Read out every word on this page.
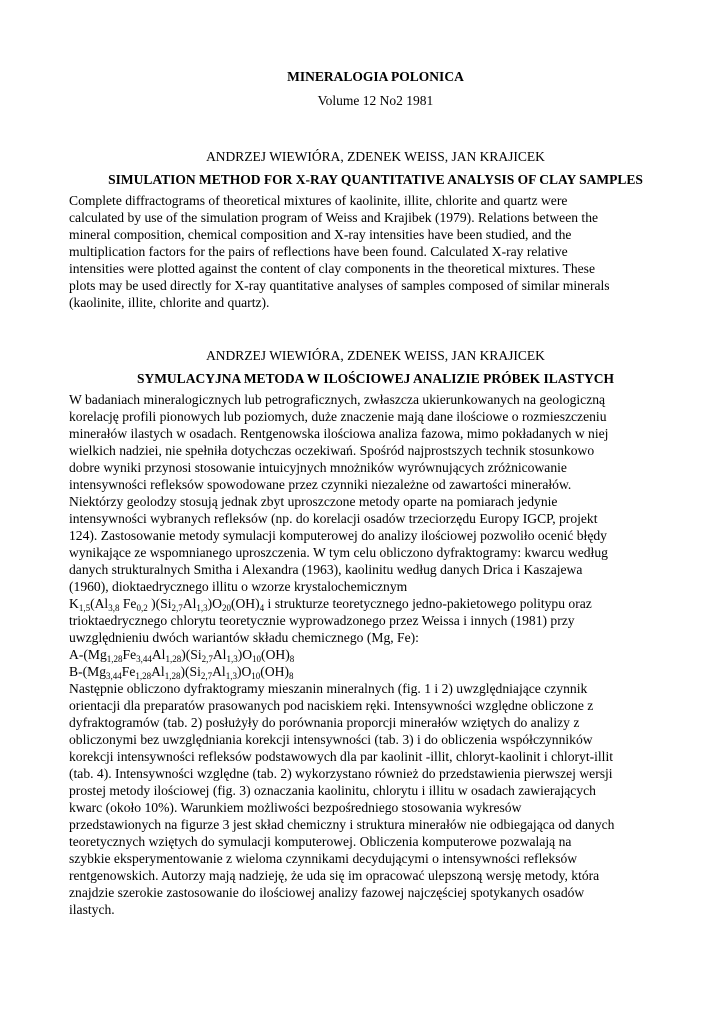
MINERALOGIA POLONICA
Volume 12 No2 1981
ANDRZEJ WIEWIÓRA, ZDENEK WEISS, JAN KRAJICEK
SIMULATION METHOD FOR X-RAY QUANTITATIVE ANALYSIS OF CLAY SAMPLES
Complete diffractograms of theoretical mixtures of kaolinite, illite, chlorite and quartz were
calculated by use of the simulation program of Weiss and Krajibek (1979). Relations between the
mineral composition, chemical composition and X-ray intensities have been studied, and the
multiplication factors for the pairs of reflections have been found. Calculated X-ray relative
intensities were plotted against the content of clay components in the theoretical mixtures. These
plots may be used directly for X-ray quantitative analyses of samples composed of similar minerals
(kaolinite, illite, chlorite and quartz).
ANDRZEJ WIEWIÓRA, ZDENEK WEISS, JAN KRAJICEK
SYMULACYJNA METODA W ILOŚCIOWEJ ANALIZIE PRÓBEK ILASTYCH
W badaniach mineralogicznych lub petrograficznych, zwłaszcza ukierunkowanych na geologiczną
korelację profili pionowych lub poziomych, duże znaczenie mają dane ilościowe o rozmieszczeniu
minerałów ilastych w osadach. Rentgenowska ilościowa analiza fazowa, mimo pokładanych w niej
wielkich nadziei, nie spełniła dotychczas oczekiwań. Spośród najprostszych technik stosunkowo
dobre wyniki przynosi stosowanie intuicyjnych mnożników wyrównujących zróżnicowanie
intensywności refleksów spowodowane przez czynniki niezależne od zawartości minerałów.
Niektórzy geolodzy stosują jednak zbyt uproszczone metody oparte na pomiarach jedynie
intensywności wybranych refleksów (np. do korelacji osadów trzeciorzędu Europy IGCP, projekt
124). Zastosowanie metody symulacji komputerowej do analizy ilościowej pozwoliło ocenić błędy
wynikające ze wspomnianego uproszczenia. W tym celu obliczono dyfraktogramy: kwarcu według
danych strukturalnych Smitha i Alexandra (1963), kaolinitu według danych Drica i Kaszajewa
(1960), dioktaedrycznego illitu o wzorze krystalochemicznym
$K_{1,5}(Al_{3,8}$ $Fe_{0,2}$ )$(Si_{2,7}Al_{1,3})O_{20}(OH)_4$ i strukturze teoretycznego jedno-pakietowego politypu oraz
trioktaedrycznego chlorytu teoretycznie wyprowadzonego przez Weissa i innych (1981) przy
uwzględnieniu dwóch wariantów składu chemicznego (Mg, Fe):
$A-(Mg_{1,28}Fe_{3,44}Al_{1,28})(Si_{2,7}Al_{1,3})O_{10}(OH)_8$
$B-(Mg_{3,44}Fe_{1,28}Al_{1,28})(Si_{2,7}Al_{1,3})O_{10}(OH)_8$
Następnie obliczono dyfraktogramy mieszanin mineralnych (fig. 1 i 2) uwzględniające czynnik
orientacji dla preparatów prasowanych pod naciskiem ręki. Intensywności względne obliczone z
dyfraktogramów (tab. 2) posłużyły do porównania proporcji minerałów wziętych do analizy z
obliczonymi bez uwzględniania korekcji intensywności (tab. 3) i do obliczenia współczynników
korekcji intensywności refleksów podstawowych dla par kaolinit -illit, chloryt-kaolinit i chloryt-illit
(tab. 4). Intensywności względne (tab. 2) wykorzystano również do przedstawienia pierwszej wersji
prostej metody ilościowej (fig. 3) oznaczania kaolinitu, chlorytu i illitu w osadach zawierających
kwarc (około 10%). Warunkiem możliwości bezpośredniego stosowania wykresów
przedstawionych na figurze 3 jest skład chemiczny i struktura minerałów nie odbiegająca od danych
teoretycznych wziętych do symulacji komputerowej. Obliczenia komputerowe pozwalają na
szybkie eksperymentowanie z wieloma czynnikami decydującymi o intensywności refleksów
rentgenowskich. Autorzy mają nadzieję, że uda się im opracować ulepszoną wersję metody, która
znajdzie szerokie zastosowanie do ilościowej analizy fazowej najczęściej spotykanych osadów
ilastych.
